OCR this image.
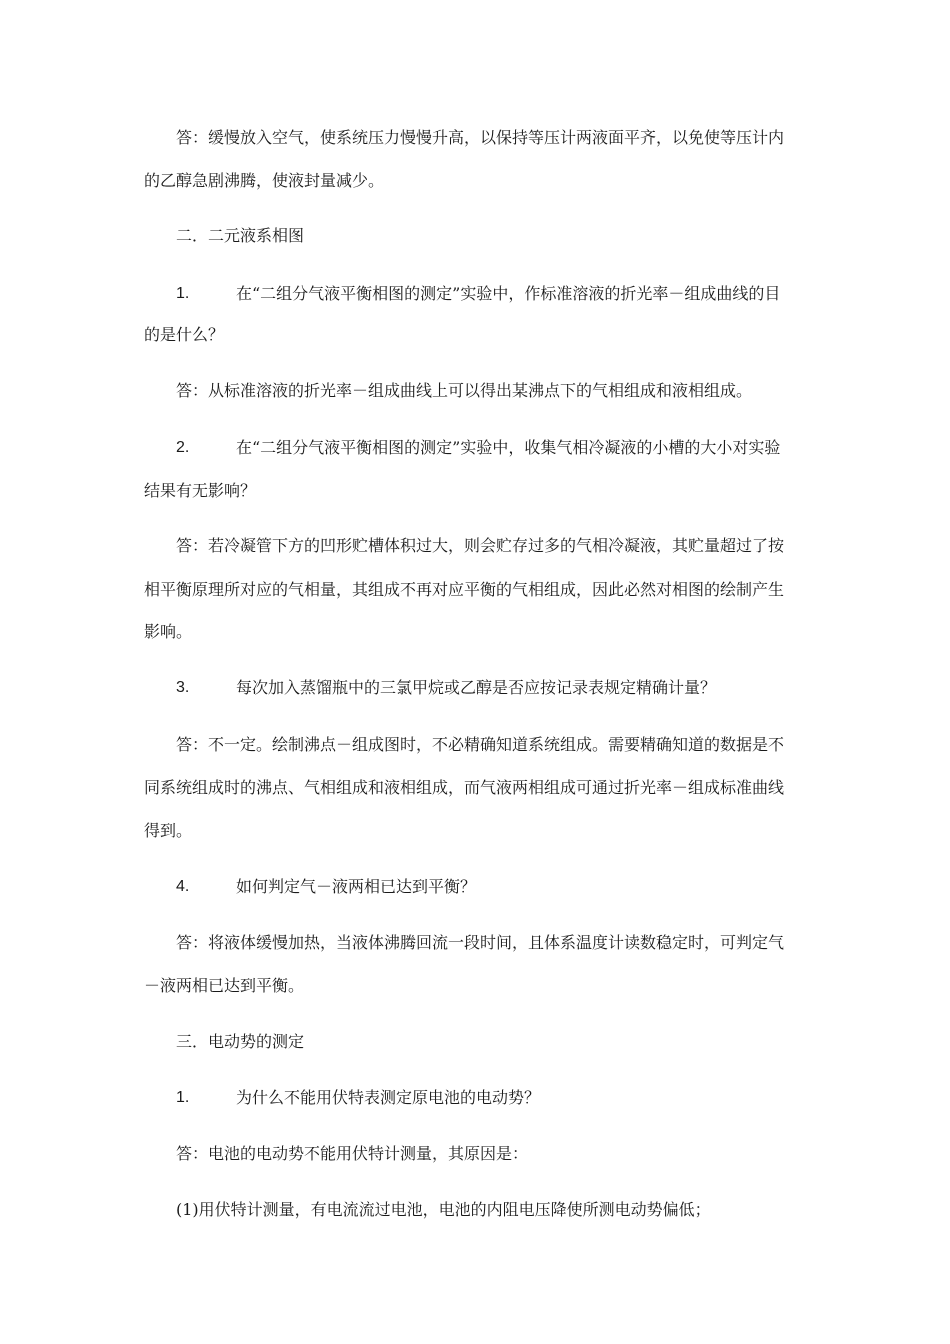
答：缓慢放入空气，使系统压力慢慢升高，以保持等压计两液面平齐，以免使等压计内
的乙醇急剧沸腾，使液封量减少。
二．二元液系相图
1.	在“二组分气液平衡相图的测定”实验中，作标准溶液的折光率－组成曲线的目
的是什么？
答：从标准溶液的折光率－组成曲线上可以得出某沸点下的气相组成和液相组成。
2.	在“二组分气液平衡相图的测定”实验中，收集气相冷凝液的小槽的大小对实验
结果有无影响？
答：若冷凝管下方的凹形贮槽体积过大，则会贮存过多的气相冷凝液，其贮量超过了按
相平衡原理所对应的气相量，其组成不再对应平衡的气相组成，因此必然对相图的绘制产生
影响。
3.	每次加入蒸馏瓶中的三氯甲烷或乙醇是否应按记录表规定精确计量？
答：不一定。绘制沸点－组成图时，不必精确知道系统组成。需要精确知道的数据是不
同系统组成时的沸点、气相组成和液相组成，而气液两相组成可通过折光率－组成标准曲线
得到。
4.	如何判定气－液两相已达到平衡？
答：将液体缓慢加热，当液体沸腾回流一段时间，且体系温度计读数稳定时，可判定气
－液两相已达到平衡。
三．电动势的测定
1.	为什么不能用伏特表测定原电池的电动势？
答：电池的电动势不能用伏特计测量，其原因是：
(1)用伏特计测量，有电流流过电池，电池的内阻电压降使所测电动势偏低；
